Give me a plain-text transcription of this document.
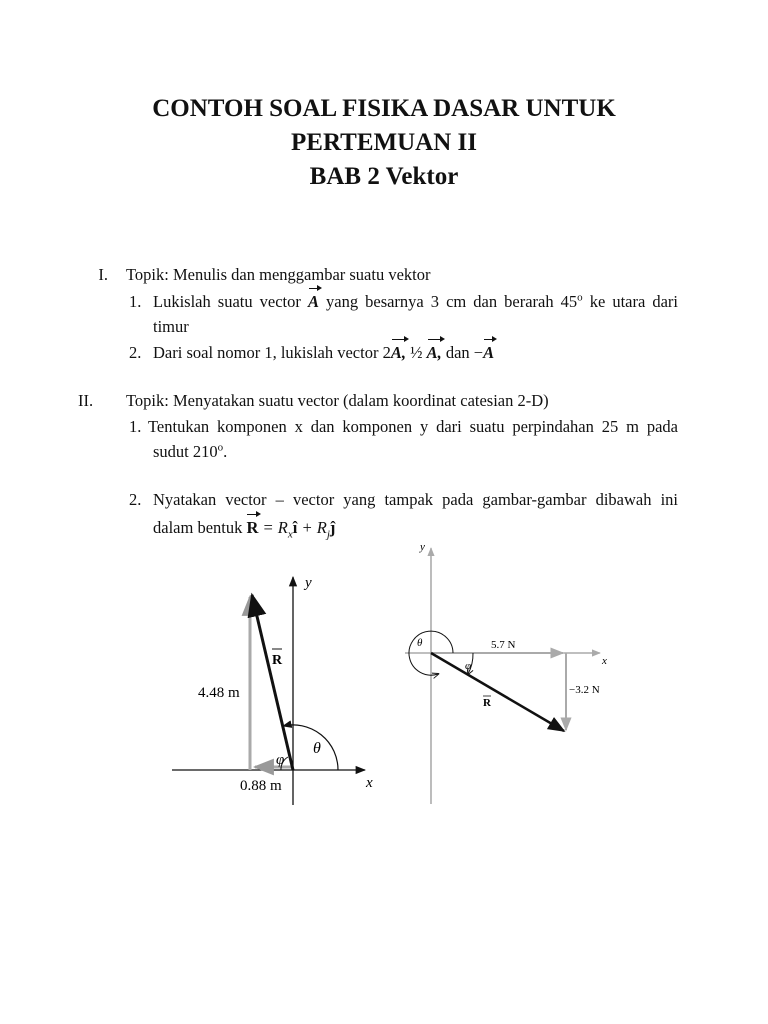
CONTOH SOAL FISIKA DASAR UNTUK
PERTEMUAN II
BAB 2 Vektor
I. Topik: Menulis dan menggambar suatu vektor
1. Lukislah suatu vector A yang besarnya 3 cm dan berarah 45$^o$ ke utara dari
timur
2. Dari soal nomor 1, lukislah vector 2A, ½ A, dan −A
II.	Topik: Menyatakan suatu vector (dalam koordinat catesian 2-D)
1. Tentukan komponen x dan komponen y dari suatu perpindahan 25 m pada
sudut 210$^o$.
2. Nyatakan vector – vector yang tampak pada gambar-gambar dibawah ini
dalam bentuk $R = R_xî$ + $R_jĵ$
y
x
R
4.48 m
0.88 m
θ
φ
y
x
5.7 N
−3.2 N
θ
φ
R
